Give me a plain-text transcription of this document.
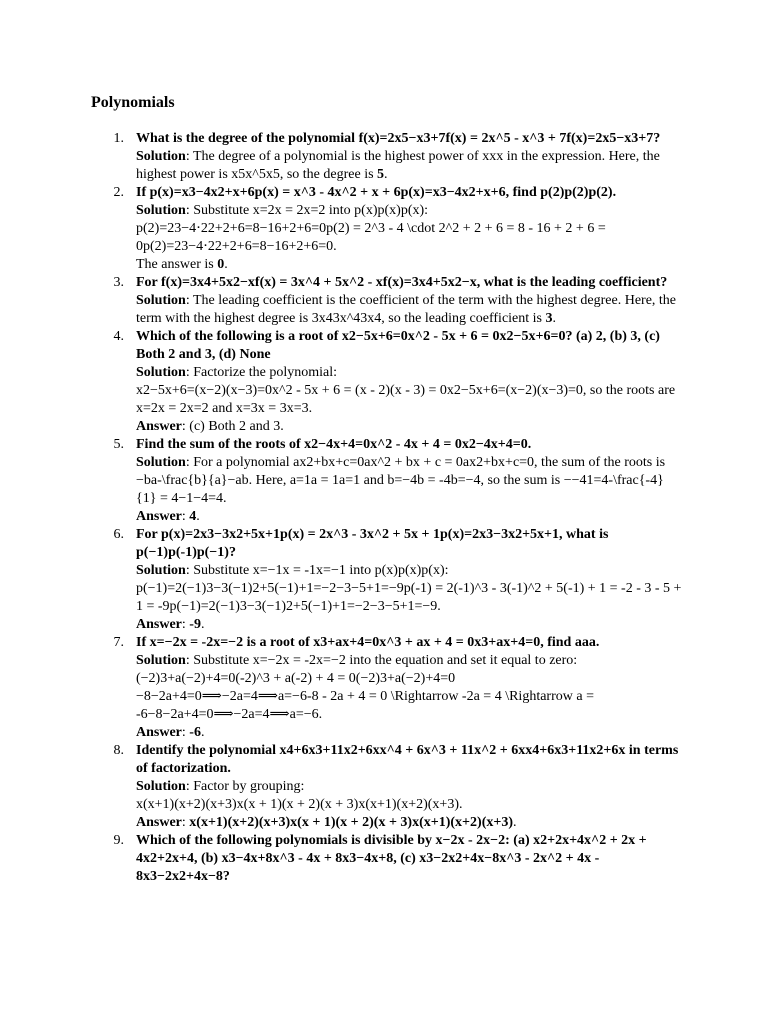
Polynomials
1. What is the degree of the polynomial f(x)=2x5−x3+7f(x) = 2x^5 - x^3 + 7f(x)=2x5−x3+7?
Solution: The degree of a polynomial is the highest power of xxx in the expression. Here, the highest power is x5x^5x5, so the degree is 5.
2. If p(x)=x3−4x2+x+6p(x) = x^3 - 4x^2 + x + 6p(x)=x3−4x2+x+6, find p(2)p(2)p(2).
Solution: Substitute x=2x = 2x=2 into p(x)p(x)p(x):
p(2)=23−4⋅22+2+6=8−16+2+6=0p(2) = 2^3 - 4 \cdot 2^2 + 2 + 6 = 8 - 16 + 2 + 6 = 0p(2)=23−4⋅22+2+6=8−16+2+6=0.
The answer is 0.
3. For f(x)=3x4+5x2−xf(x) = 3x^4 + 5x^2 - xf(x)=3x4+5x2−x, what is the leading coefficient?
Solution: The leading coefficient is the coefficient of the term with the highest degree. Here, the term with the highest degree is 3x43x^43x4, so the leading coefficient is 3.
4. Which of the following is a root of x2−5x+6=0x^2 - 5x + 6 = 0x2−5x+6=0? (a) 2, (b) 3, (c) Both 2 and 3, (d) None
Solution: Factorize the polynomial:
x2−5x+6=(x−2)(x−3)=0x^2 - 5x + 6 = (x - 2)(x - 3) = 0x2−5x+6=(x−2)(x−3)=0, so the roots are x=2x = 2x=2 and x=3x = 3x=3.
Answer: (c) Both 2 and 3.
5. Find the sum of the roots of x2−4x+4=0x^2 - 4x + 4 = 0x2−4x+4=0.
Solution: For a polynomial ax2+bx+c=0ax^2 + bx + c = 0ax2+bx+c=0, the sum of the roots is −ba-\frac{b}{a}−ab. Here, a=1a = 1a=1 and b=−4b = -4b=−4, so the sum is −−41=4-\frac{-4}{1} = 4−1−4=4.
Answer: 4.
6. For p(x)=2x3−3x2+5x+1p(x) = 2x^3 - 3x^2 + 5x + 1p(x)=2x3−3x2+5x+1, what is p(−1)p(-1)p(−1)?
Solution: Substitute x=−1x = -1x=−1 into p(x)p(x)p(x):
p(−1)=2(−1)3−3(−1)2+5(−1)+1=−2−3−5+1=−9p(-1) = 2(-1)^3 - 3(-1)^2 + 5(-1) + 1 = -2 - 3 - 5 + 1 = -9p(−1)=2(−1)3−3(−1)2+5(−1)+1=−2−3−5+1=−9.
Answer: -9.
7. If x=−2x = -2x=−2 is a root of x3+ax+4=0x^3 + ax + 4 = 0x3+ax+4=0, find aaa.
Solution: Substitute x=−2x = -2x=−2 into the equation and set it equal to zero:
(−2)3+a(−2)+4=0(-2)^3 + a(-2) + 4 = 0(−2)3+a(−2)+4=0
−8−2a+4=0⟹−2a=4⟹a=−6-8 - 2a + 4 = 0 \Rightarrow -2a = 4 \Rightarrow a = -6−8−2a+4=0⟹−2a=4⟹a=−6.
Answer: -6.
8. Identify the polynomial x4+6x3+11x2+6xx^4 + 6x^3 + 11x^2 + 6xx4+6x3+11x2+6x in terms of factorization.
Solution: Factor by grouping:
x(x+1)(x+2)(x+3)x(x + 1)(x + 2)(x + 3)x(x+1)(x+2)(x+3).
Answer: x(x+1)(x+2)(x+3)x(x + 1)(x + 2)(x + 3)x(x+1)(x+2)(x+3).
9. Which of the following polynomials is divisible by x−2x - 2x−2: (a) x2+2x+4x^2 + 2x + 4x2+2x+4, (b) x3−4x+8x^3 - 4x + 8x3−4x+8, (c) x3−2x2+4x−8x^3 - 2x^2 + 4x - 8x3−2x2+4x−8?
